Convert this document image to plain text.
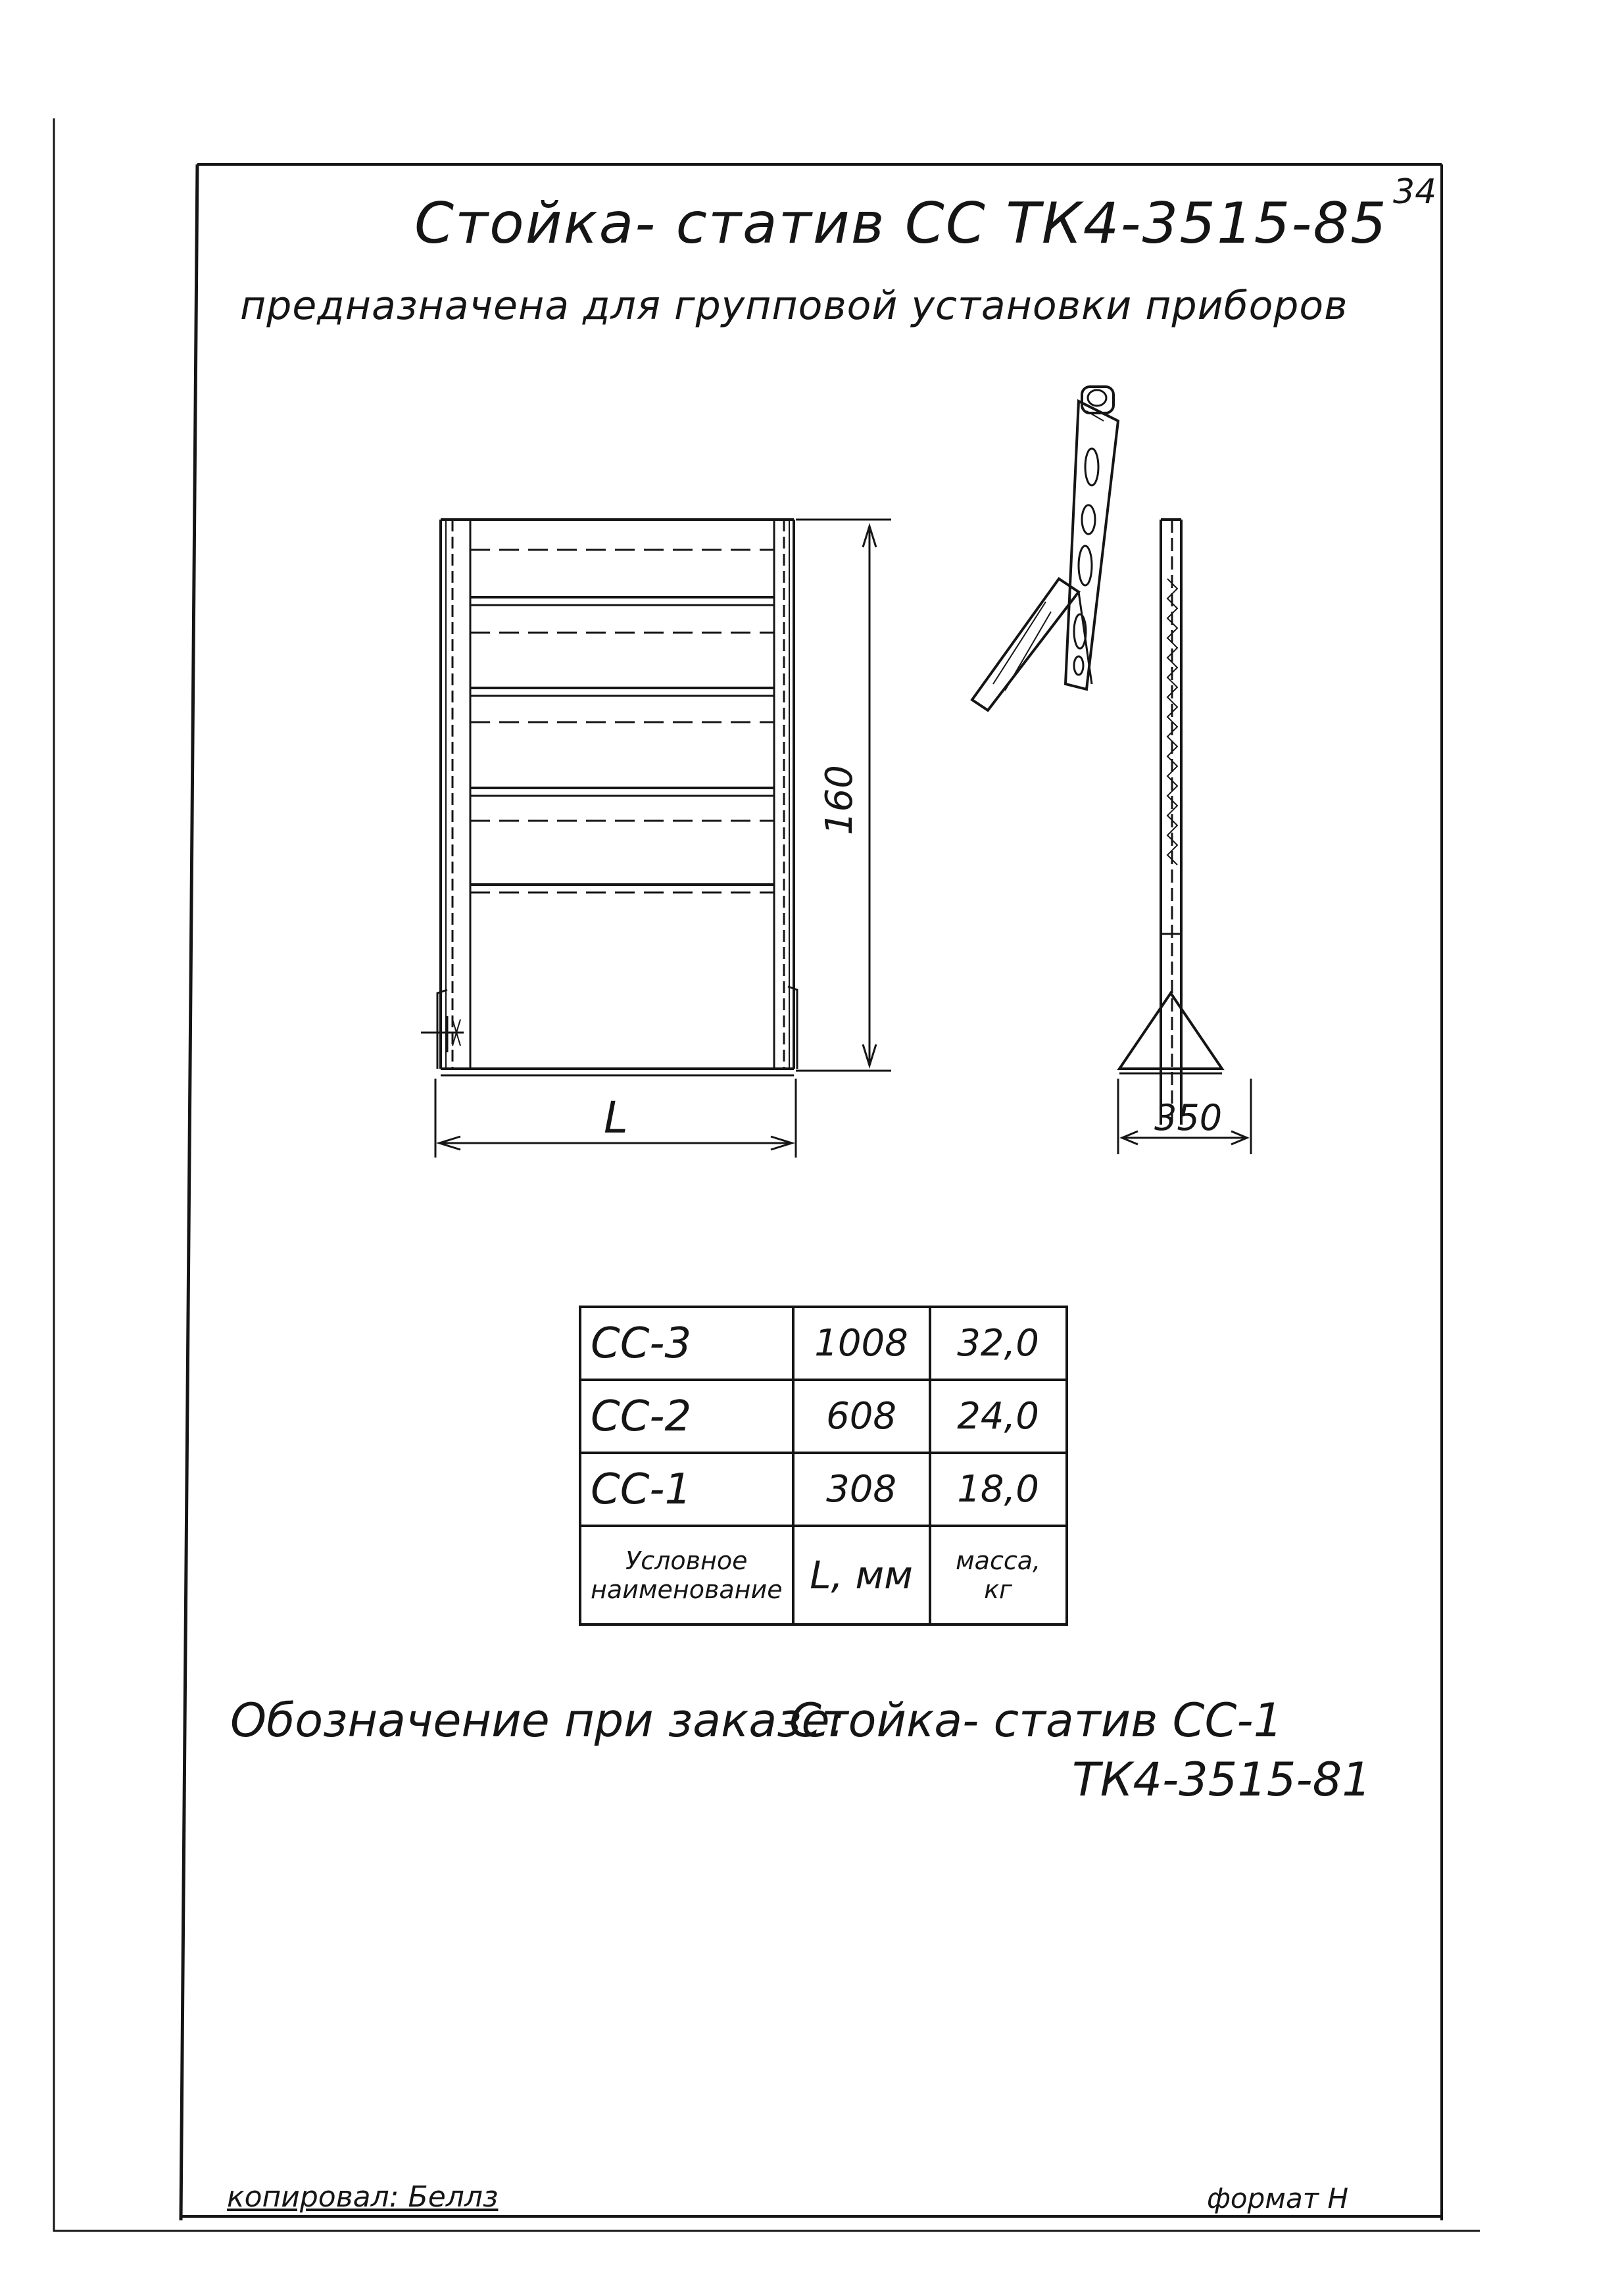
34
Стойка- статив СС ТК4-3515-85
предназначена для групповой установки приборов
160
L	350
СС-3	1008	32,0
СС-2	608	24,0
СС-1	308	18,0
Условное наименование	L, мм	масса, кг
Обозначение при заказе:
Стойка- статив СС-1
ТК4-3515-81
копировал: Беллз	формат Н
